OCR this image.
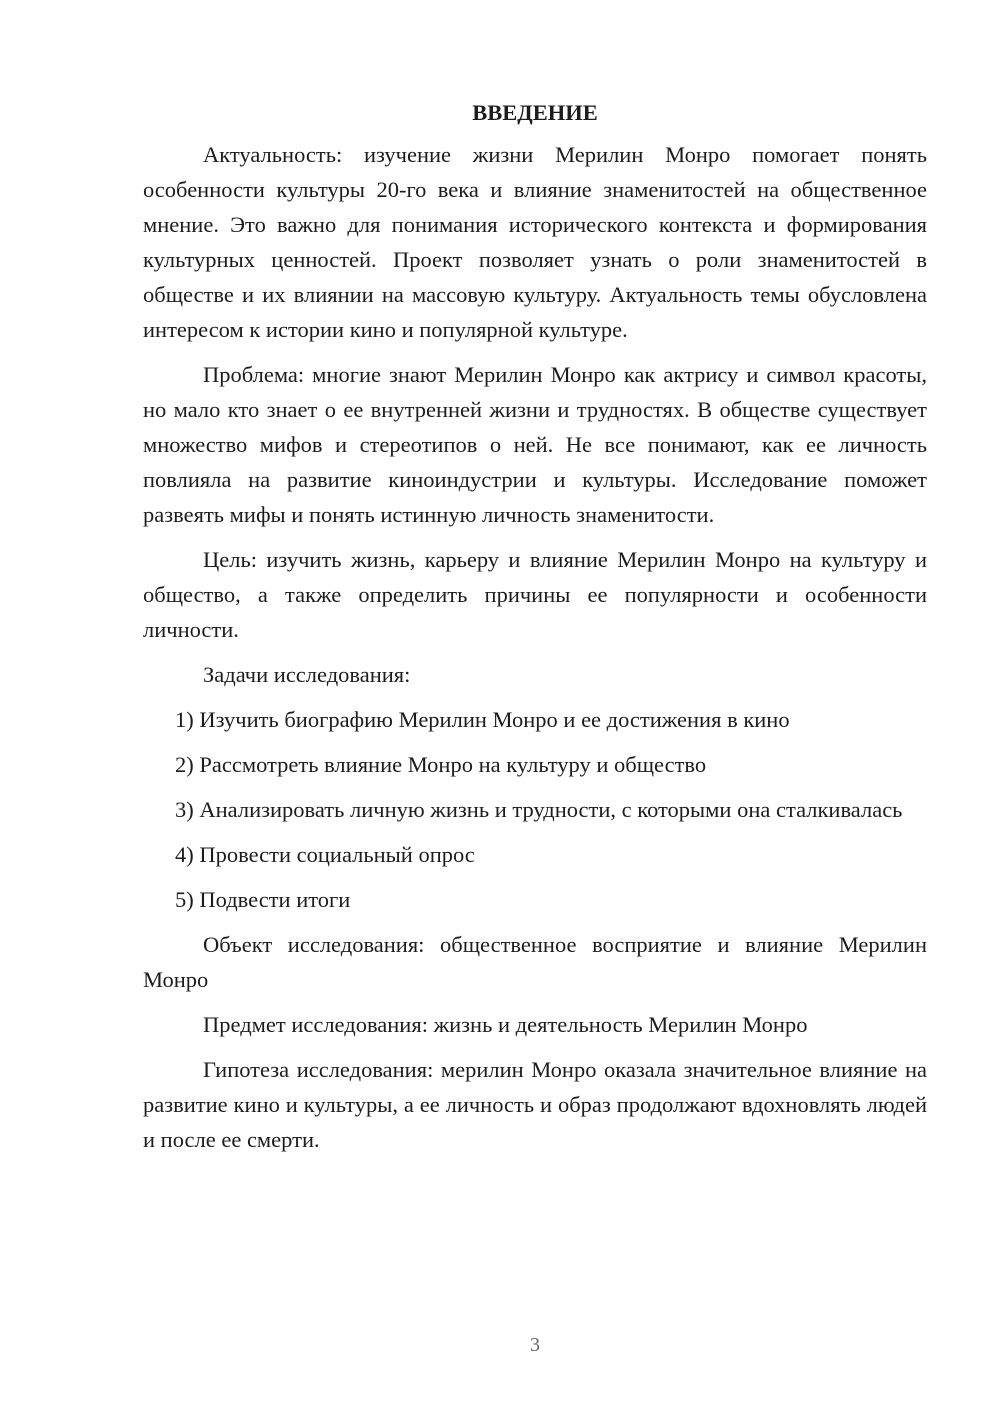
ВВЕДЕНИЕ

Актуальность: изучение жизни Мерилин Монро помогает понять особенности культуры 20-го века и влияние знаменитостей на общественное мнение. Это важно для понимания исторического контекста и формирования культурных ценностей. Проект позволяет узнать о роли знаменитостей в обществе и их влиянии на массовую культуру. Актуальность темы обусловлена интересом к истории кино и популярной культуре.

Проблема: многие знают Мерилин Монро как актрису и символ красоты, но мало кто знает о ее внутренней жизни и трудностях. В обществе существует множество мифов и стереотипов о ней. Не все понимают, как ее личность повлияла на развитие киноиндустрии и культуры. Исследование поможет развеять мифы и понять истинную личность знаменитости.

Цель: изучить жизнь, карьеру и влияние Мерилин Монро на культуру и общество, а также определить причины ее популярности и особенности личности.

Задачи исследования:

1) Изучить биографию Мерилин Монро и ее достижения в кино

2) Рассмотреть влияние Монро на культуру и общество

3) Анализировать личную жизнь и трудности, с которыми она сталкивалась

4) Провести социальный опрос

5) Подвести итоги

Объект исследования: общественное восприятие и влияние Мерилин Монро

Предмет исследования: жизнь и деятельность Мерилин Монро

Гипотеза исследования: мерилин Монро оказала значительное влияние на развитие кино и культуры, а ее личность и образ продолжают вдохновлять людей и после ее смерти.

3
